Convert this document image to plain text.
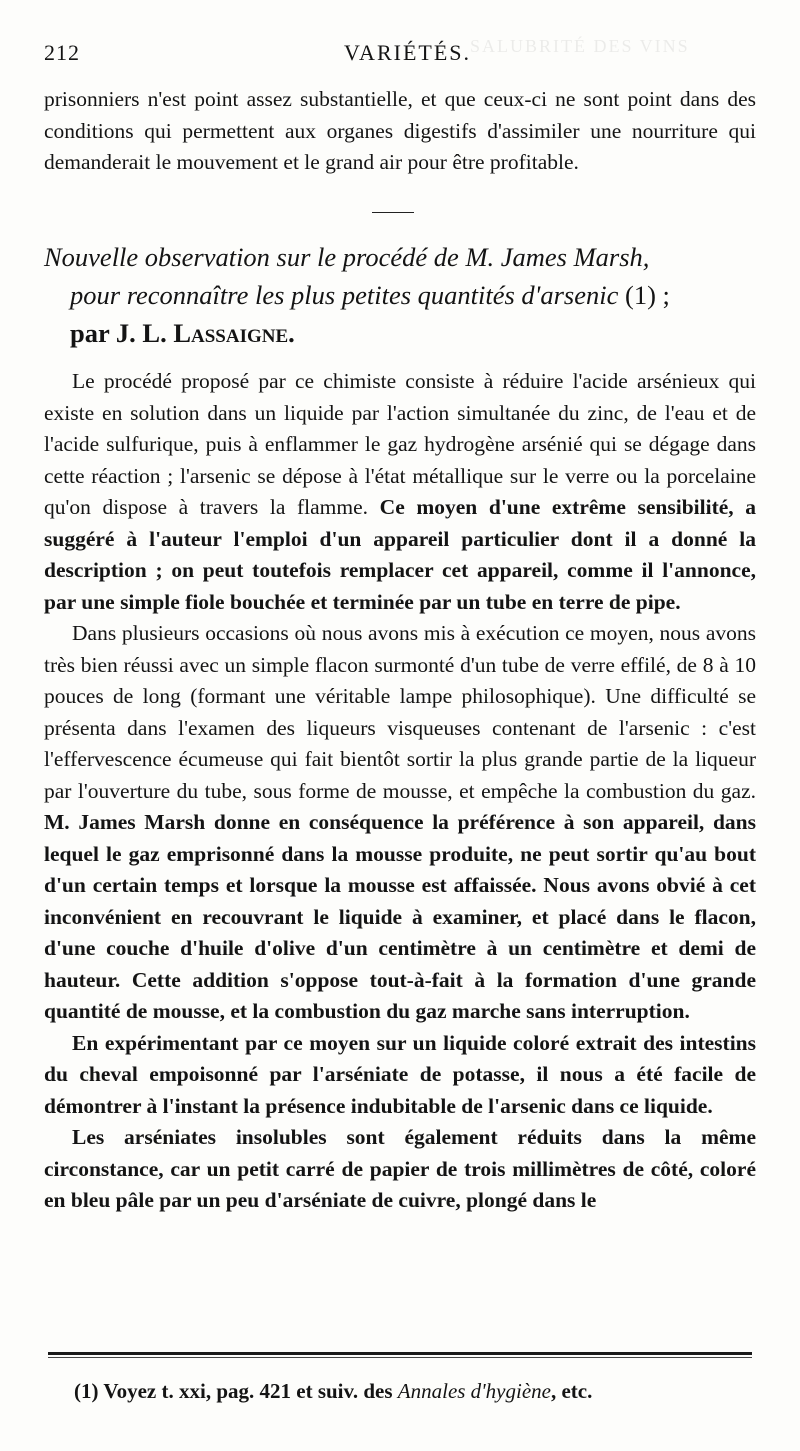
SALUBRITÉ DES VINS
212	VARIÉTÉS.
prisonniers n'est point assez substantielle, et que ceux-ci ne sont point dans des conditions qui permettent aux organes digestifs d'assimiler une nourriture qui demanderait le mouvement et le grand air pour être profitable.
Nouvelle observation sur le procédé de M. James Marsh,
pour reconnaître les plus petites quantités d'arsenic (1) ;
par J. L. Lassaigne.

Le procédé proposé par ce chimiste consiste à réduire l'acide arsénieux qui existe en solution dans un liquide par l'action simultanée du zinc, de l'eau et de l'acide sulfurique, puis à enflammer le gaz hydrogène arsénié qui se dégage dans cette réaction ; l'arsenic se dépose à l'état métallique sur le verre ou la porcelaine qu'on dispose à travers la flamme. Ce moyen d'une extrême sensibilité, a suggéré à l'auteur l'emploi d'un appareil particulier dont il a donné la description ; on peut toutefois remplacer cet appareil, comme il l'annonce, par une simple fiole bouchée et terminée par un tube en terre de pipe.

Dans plusieurs occasions où nous avons mis à exécution ce moyen, nous avons très bien réussi avec un simple flacon surmonté d'un tube de verre effilé, de 8 à 10 pouces de long (formant une véritable lampe philosophique). Une difficulté se présenta dans l'examen des liqueurs visqueuses contenant de l'arsenic : c'est l'effervescence écumeuse qui fait bientôt sortir la plus grande partie de la liqueur par l'ouverture du tube, sous forme de mousse, et empêche la combustion du gaz. M. James Marsh donne en conséquence la préférence à son appareil, dans lequel le gaz emprisonné dans la mousse produite, ne peut sortir qu'au bout d'un certain temps et lorsque la mousse est affaissée. Nous avons obvié à cet inconvénient en recouvrant le liquide à examiner, et placé dans le flacon, d'une couche d'huile d'olive d'un centimètre à un centimètre et demi de hauteur. Cette addition s'oppose tout-à-fait à la formation d'une grande quantité de mousse, et la combustion du gaz marche sans interruption.

En expérimentant par ce moyen sur un liquide coloré extrait des intestins du cheval empoisonné par l'arséniate de potasse, il nous a été facile de démontrer à l'instant la présence indubitable de l'arsenic dans ce liquide.

Les arséniates insolubles sont également réduits dans la même circonstance, car un petit carré de papier de trois millimètres de côté, coloré en bleu pâle par un peu d'arséniate de cuivre, plongé dans le

(1) Voyez t. xxi, pag. 421 et suiv. des Annales d'hygiène, etc.
